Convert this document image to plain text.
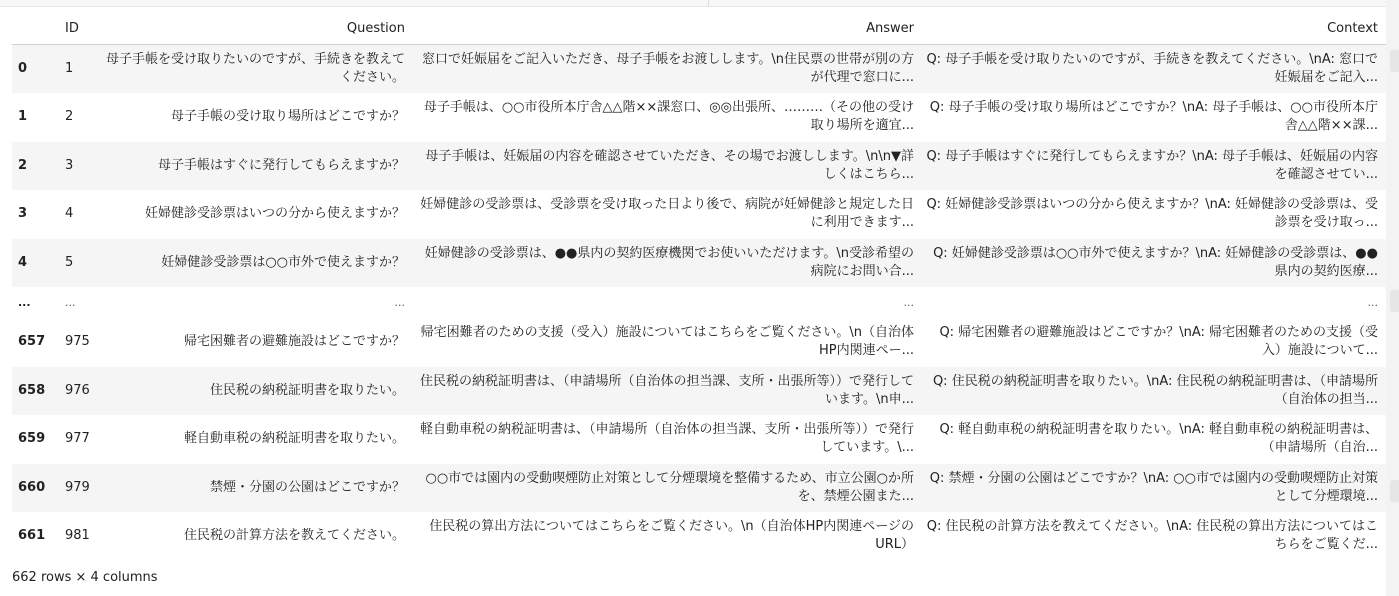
	ID	Question	Answer	Context
0	1	母子手帳を受け取りたいのですが、手続きを教えてください。	窓口で妊娠届をご記入いただき、母子手帳をお渡しします。\n住民票の世帯が別の方が代理で窓口に...	Q: 母子手帳を受け取りたいのですが、手続きを教えてください。\nA: 窓口で妊娠届をご記入...
1	2	母子手帳の受け取り場所はどこですか？	母子手帳は、○○市役所本庁舎△△階××課窓口、◎◎出張所、………（その他の受け取り場所を適宜...	Q: 母子手帳の受け取り場所はどこですか？\nA: 母子手帳は、○○市役所本庁舎△△階××課...
2	3	母子手帳はすぐに発行してもらえますか？	母子手帳は、妊娠届の内容を確認させていただき、その場でお渡しします。\n\n▼詳しくはこちら...	Q: 母子手帳はすぐに発行してもらえますか？\nA: 母子手帳は、妊娠届の内容を確認させてい...
3	4	妊婦健診受診票はいつの分から使えますか？	妊婦健診の受診票は、受診票を受け取った日より後で、病院が妊婦健診と規定した日に利用できます...	Q: 妊婦健診受診票はいつの分から使えますか？\nA: 妊婦健診の受診票は、受診票を受け取っ...
4	5	妊婦健診受診票は○○市外で使えますか？	妊婦健診の受診票は、●●県内の契約医療機関でお使いいただけます。\n受診希望の病院にお問い合...	Q: 妊婦健診受診票は○○市外で使えますか？\nA: 妊婦健診の受診票は、●●県内の契約医療...
...	...	...	...	...
657	975	帰宅困難者の避難施設はどこですか？	帰宅困難者のための支援（受入）施設についてはこちらをご覧ください。\n（自治体HP内関連ペー...	Q: 帰宅困難者の避難施設はどこですか？\nA: 帰宅困難者のための支援（受入）施設について...
658	976	住民税の納税証明書を取りたい。	住民税の納税証明書は、（申請場所（自治体の担当課、支所・出張所等））で発行しています。\n申...	Q: 住民税の納税証明書を取りたい。\nA: 住民税の納税証明書は、（申請場所（自治体の担当...
659	977	軽自動車税の納税証明書を取りたい。	軽自動車税の納税証明書は、（申請場所（自治体の担当課、支所・出張所等））で発行しています。\...	Q: 軽自動車税の納税証明書を取りたい。\nA: 軽自動車税の納税証明書は、（申請場所（自治...
660	979	禁煙・分園の公園はどこですか？	○○市では園内の受動喫煙防止対策として分煙環境を整備するため、市立公園○か所を、禁煙公園また...	Q: 禁煙・分園の公園はどこですか？\nA: ○○市では園内の受動喫煙防止対策として分煙環境...
661	981	住民税の計算方法を教えてください。	住民税の算出方法についてはこちらをご覧ください。\n（自治体HP内関連ページのURL）	Q: 住民税の計算方法を教えてください。\nA: 住民税の算出方法についてはこちらをご覧くだ...
662 rows × 4 columns
